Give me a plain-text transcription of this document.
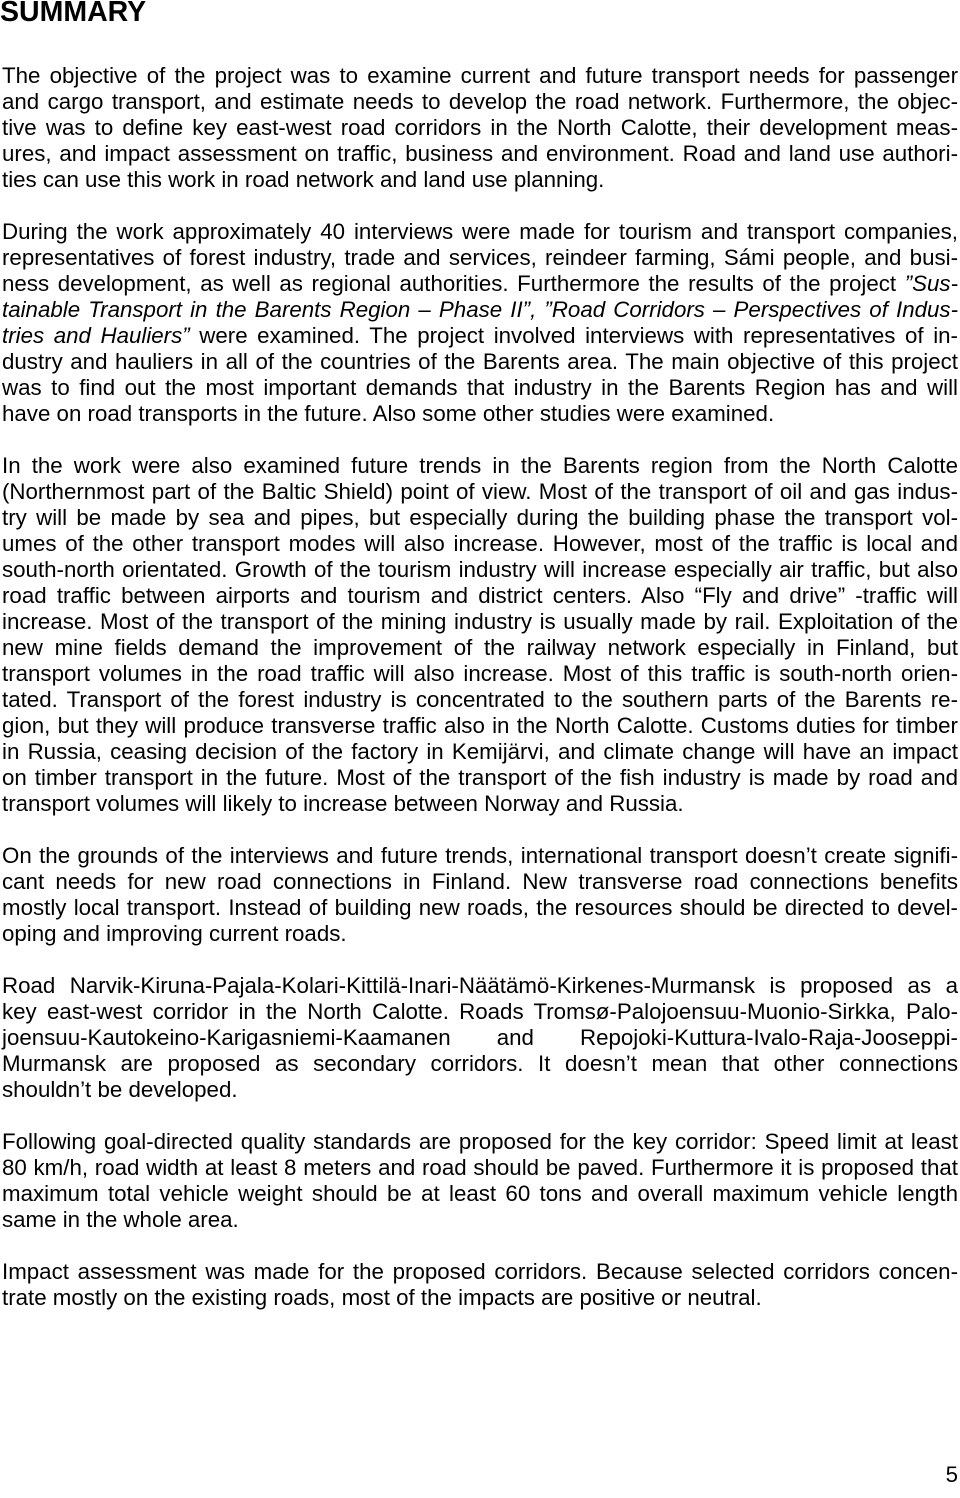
SUMMARY
The objective of the project was to examine current and future transport needs for passenger
and cargo transport, and estimate needs to develop the road network. Furthermore, the objec-
tive was to define key east-west road corridors in the North Calotte, their development meas-
ures, and impact assessment on traffic, business and environment. Road and land use authori-
ties can use this work in road network and land use planning.
During the work approximately 40 interviews were made for tourism and transport companies,
representatives of forest industry, trade and services, reindeer farming, Sámi people, and busi-
ness development, as well as regional authorities. Furthermore the results of the project ”Sus-
tainable Transport in the Barents Region – Phase II”, ”Road Corridors – Perspectives of Indus-
tries and Hauliers” were examined. The project involved interviews with representatives of in-
dustry and hauliers in all of the countries of the Barents area. The main objective of this project
was to find out the most important demands that industry in the Barents Region has and will
have on road transports in the future. Also some other studies were examined.
In the work were also examined future trends in the Barents region from the North Calotte
(Northernmost part of the Baltic Shield) point of view. Most of the transport of oil and gas indus-
try will be made by sea and pipes, but especially during the building phase the transport vol-
umes of the other transport modes will also increase. However, most of the traffic is local and
south-north orientated. Growth of the tourism industry will increase especially air traffic, but also
road traffic between airports and tourism and district centers. Also “Fly and drive” -traffic will
increase. Most of the transport of the mining industry is usually made by rail. Exploitation of the
new mine fields demand the improvement of the railway network especially in Finland, but
transport volumes in the road traffic will also increase. Most of this traffic is south-north orien-
tated. Transport of the forest industry is concentrated to the southern parts of the Barents re-
gion, but they will produce transverse traffic also in the North Calotte. Customs duties for timber
in Russia, ceasing decision of the factory in Kemijärvi, and climate change will have an impact
on timber transport in the future. Most of the transport of the fish industry is made by road and
transport volumes will likely to increase between Norway and Russia.
On the grounds of the interviews and future trends, international transport doesn’t create signifi-
cant needs for new road connections in Finland. New transverse road connections benefits
mostly local transport. Instead of building new roads, the resources should be directed to devel-
oping and improving current roads.
Road Narvik-Kiruna-Pajala-Kolari-Kittilä-Inari-Näätämö-Kirkenes-Murmansk is proposed as a
key east-west corridor in the North Calotte. Roads Tromsø-Palojoensuu-Muonio-Sirkka, Palo-
joensuu-Kautokeino-Karigasniemi-Kaamanen and Repojoki-Kuttura-Ivalo-Raja-Jooseppi-
Murmansk are proposed as secondary corridors. It doesn’t mean that other connections
shouldn’t be developed.
Following goal-directed quality standards are proposed for the key corridor: Speed limit at least
80 km/h, road width at least 8 meters and road should be paved. Furthermore it is proposed that
maximum total vehicle weight should be at least 60 tons and overall maximum vehicle length
same in the whole area.
Impact assessment was made for the proposed corridors. Because selected corridors concen-
trate mostly on the existing roads, most of the impacts are positive or neutral.
5
